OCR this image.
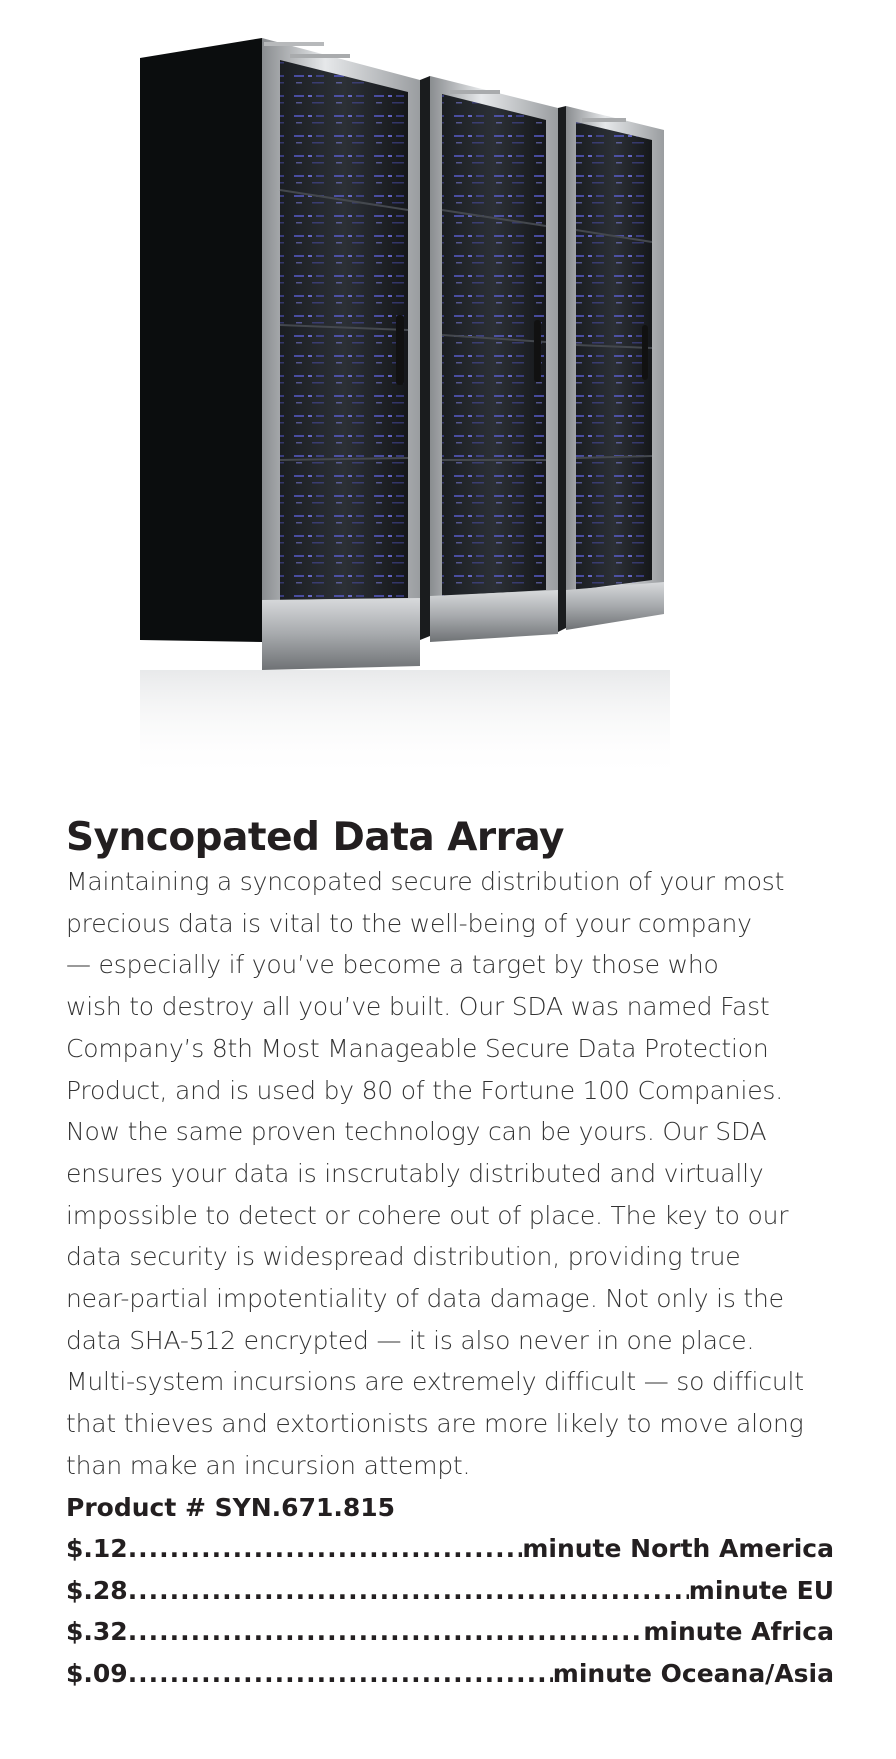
Syncopated Data Array

Maintaining a syncopated secure distribution of your most
precious data is vital to the well-being of your company
— especially if you’ve become a target by those who
wish to destroy all you’ve built. Our SDA was named Fast
Company’s 8th Most Manageable Secure Data Protection
Product, and is used by 80 of the Fortune 100 Companies.
Now the same proven technology can be yours. Our SDA
ensures your data is inscrutably distributed and virtually
impossible to detect or cohere out of place. The key to our
data security is widespread distribution, providing true
near-partial impotentiality of data damage. Not only is the
data SHA-512 encrypted — it is also never in one place.
Multi-system incursions are extremely difficult — so difficult
that thieves and extortionists are more likely to move along
than make an incursion attempt.

Product # SYN.671.815

$.12 .....	minute North America
$.28 .....	minute EU
$.32 .....	minute Africa
$.09 .....	minute Oceana/Asia
